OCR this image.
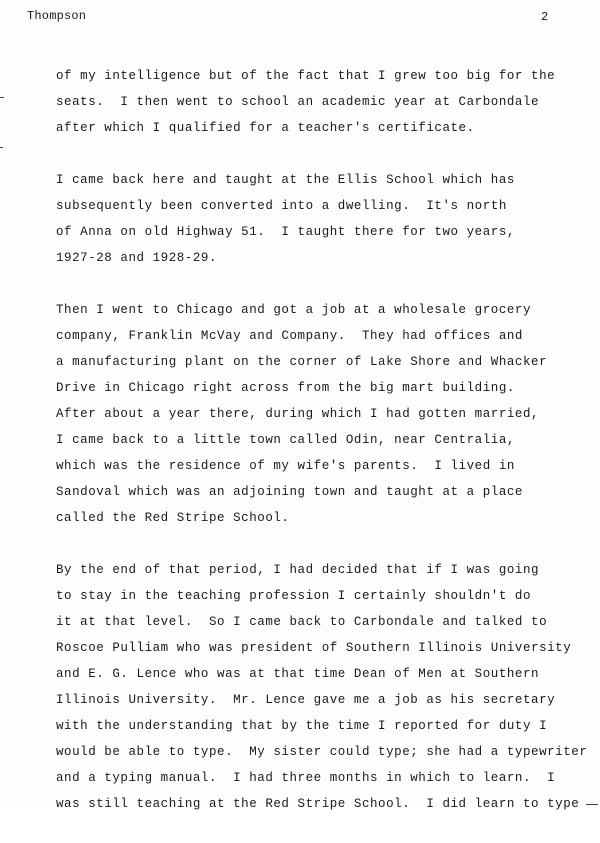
Thompson	2
of my intelligence but of the fact that I grew too big for the
seats.  I then went to school an academic year at Carbondale
after which I qualified for a teacher's certificate.
I came back here and taught at the Ellis School which has
subsequently been converted into a dwelling.  It's north
of Anna on old Highway 51.  I taught there for two years,
1927-28 and 1928-29.
Then I went to Chicago and got a job at a wholesale grocery
company, Franklin McVay and Company.  They had offices and
a manufacturing plant on the corner of Lake Shore and Whacker
Drive in Chicago right across from the big mart building.
After about a year there, during which I had gotten married,
I came back to a little town called Odin, near Centralia,
which was the residence of my wife's parents.  I lived in
Sandoval which was an adjoining town and taught at a place
called the Red Stripe School.
By the end of that period, I had decided that if I was going
to stay in the teaching profession I certainly shouldn't do
it at that level.  So I came back to Carbondale and talked to
Roscoe Pulliam who was president of Southern Illinois University
and E. G. Lence who was at that time Dean of Men at Southern
Illinois University.  Mr. Lence gave me a job as his secretary
with the understanding that by the time I reported for duty I
would be able to type.  My sister could type; she had a typewriter
and a typing manual.  I had three months in which to learn.  I
was still teaching at the Red Stripe School.  I did learn to type
